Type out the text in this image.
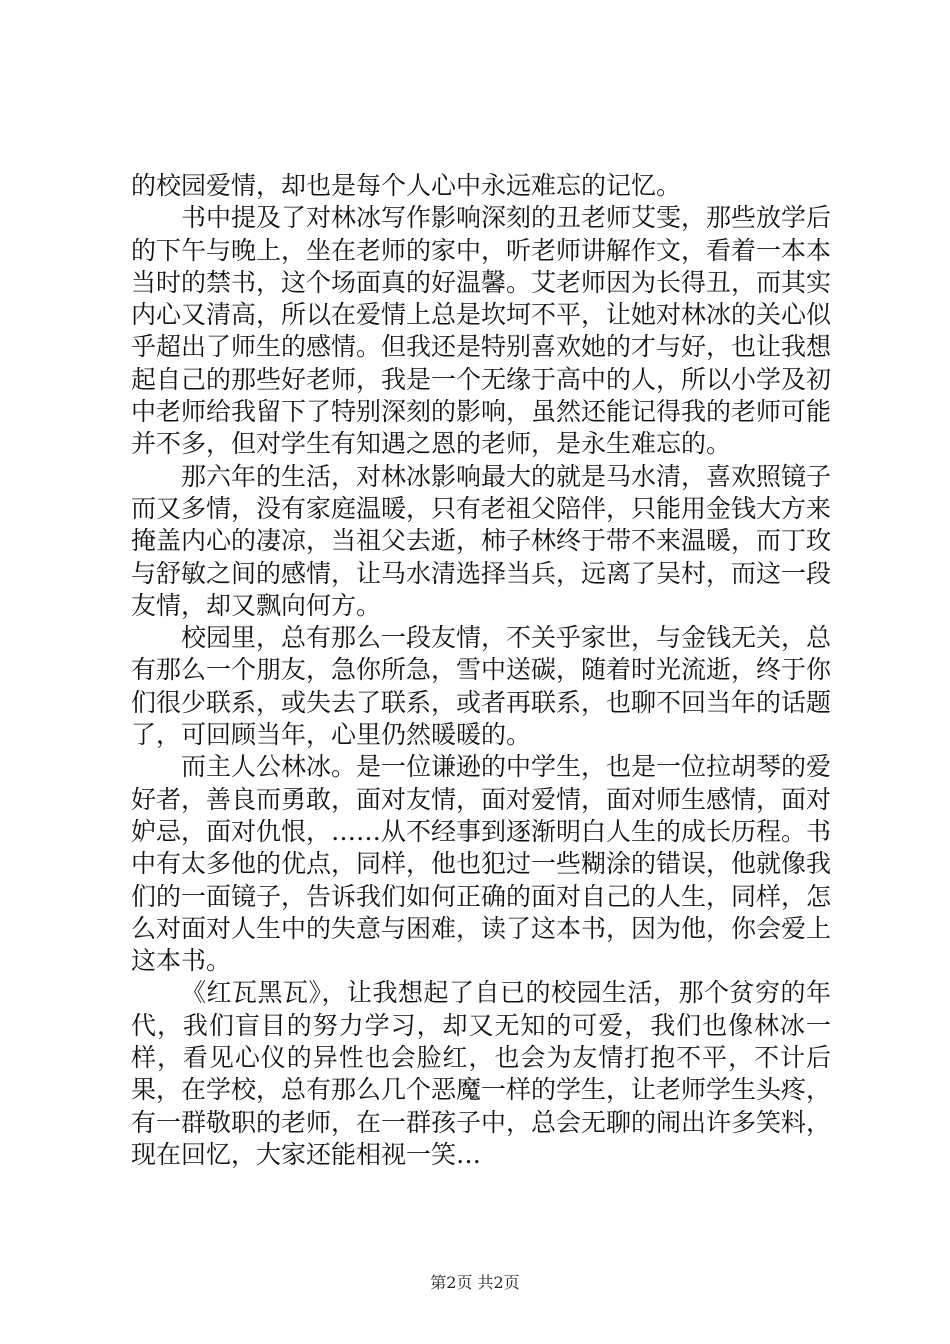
的校园爱情，却也是每个人心中永远难忘的记忆。

书中提及了对林冰写作影响深刻的丑老师艾雯，那些放学后的下午与晚上，坐在老师的家中，听老师讲解作文，看着一本本当时的禁书，这个场面真的好温馨。艾老师因为长得丑，而其实内心又清高，所以在爱情上总是坎坷不平，让她对林冰的关心似乎超出了师生的感情。但我还是特别喜欢她的才与好，也让我想起自己的那些好老师，我是一个无缘于高中的人，所以小学及初中老师给我留下了特别深刻的影响，虽然还能记得我的老师可能并不多，但对学生有知遇之恩的老师，是永生难忘的。

那六年的生活，对林冰影响最大的就是马水清，喜欢照镜子而又多情，没有家庭温暖，只有老祖父陪伴，只能用金钱大方来掩盖内心的凄凉，当祖父去逝，柿子林终于带不来温暖，而丁玫与舒敏之间的感情，让马水清选择当兵，远离了吴村，而这一段友情，却又飘向何方。

校园里，总有那么一段友情，不关乎家世，与金钱无关，总有那么一个朋友，急你所急，雪中送碳，随着时光流逝，终于你们很少联系，或失去了联系，或者再联系，也聊不回当年的话题了，可回顾当年，心里仍然暖暖的。

而主人公林冰。是一位谦逊的中学生，也是一位拉胡琴的爱好者，善良而勇敢，面对友情，面对爱情，面对师生感情，面对妒忌，面对仇恨，……从不经事到逐渐明白人生的成长历程。书中有太多他的优点，同样，他也犯过一些糊涂的错误，他就像我们的一面镜子，告诉我们如何正确的面对自己的人生，同样，怎么对面对人生中的失意与困难，读了这本书，因为他，你会爱上这本书。

《红瓦黑瓦》，让我想起了自已的校园生活，那个贫穷的年代，我们盲目的努力学习，却又无知的可爱，我们也像林冰一样，看见心仪的异性也会脸红，也会为友情打抱不平，不计后果，在学校，总有那么几个恶魔一样的学生，让老师学生头疼，有一群敬职的老师，在一群孩子中，总会无聊的闹出许多笑料，现在回忆，大家还能相视一笑…

第2页 共2页
